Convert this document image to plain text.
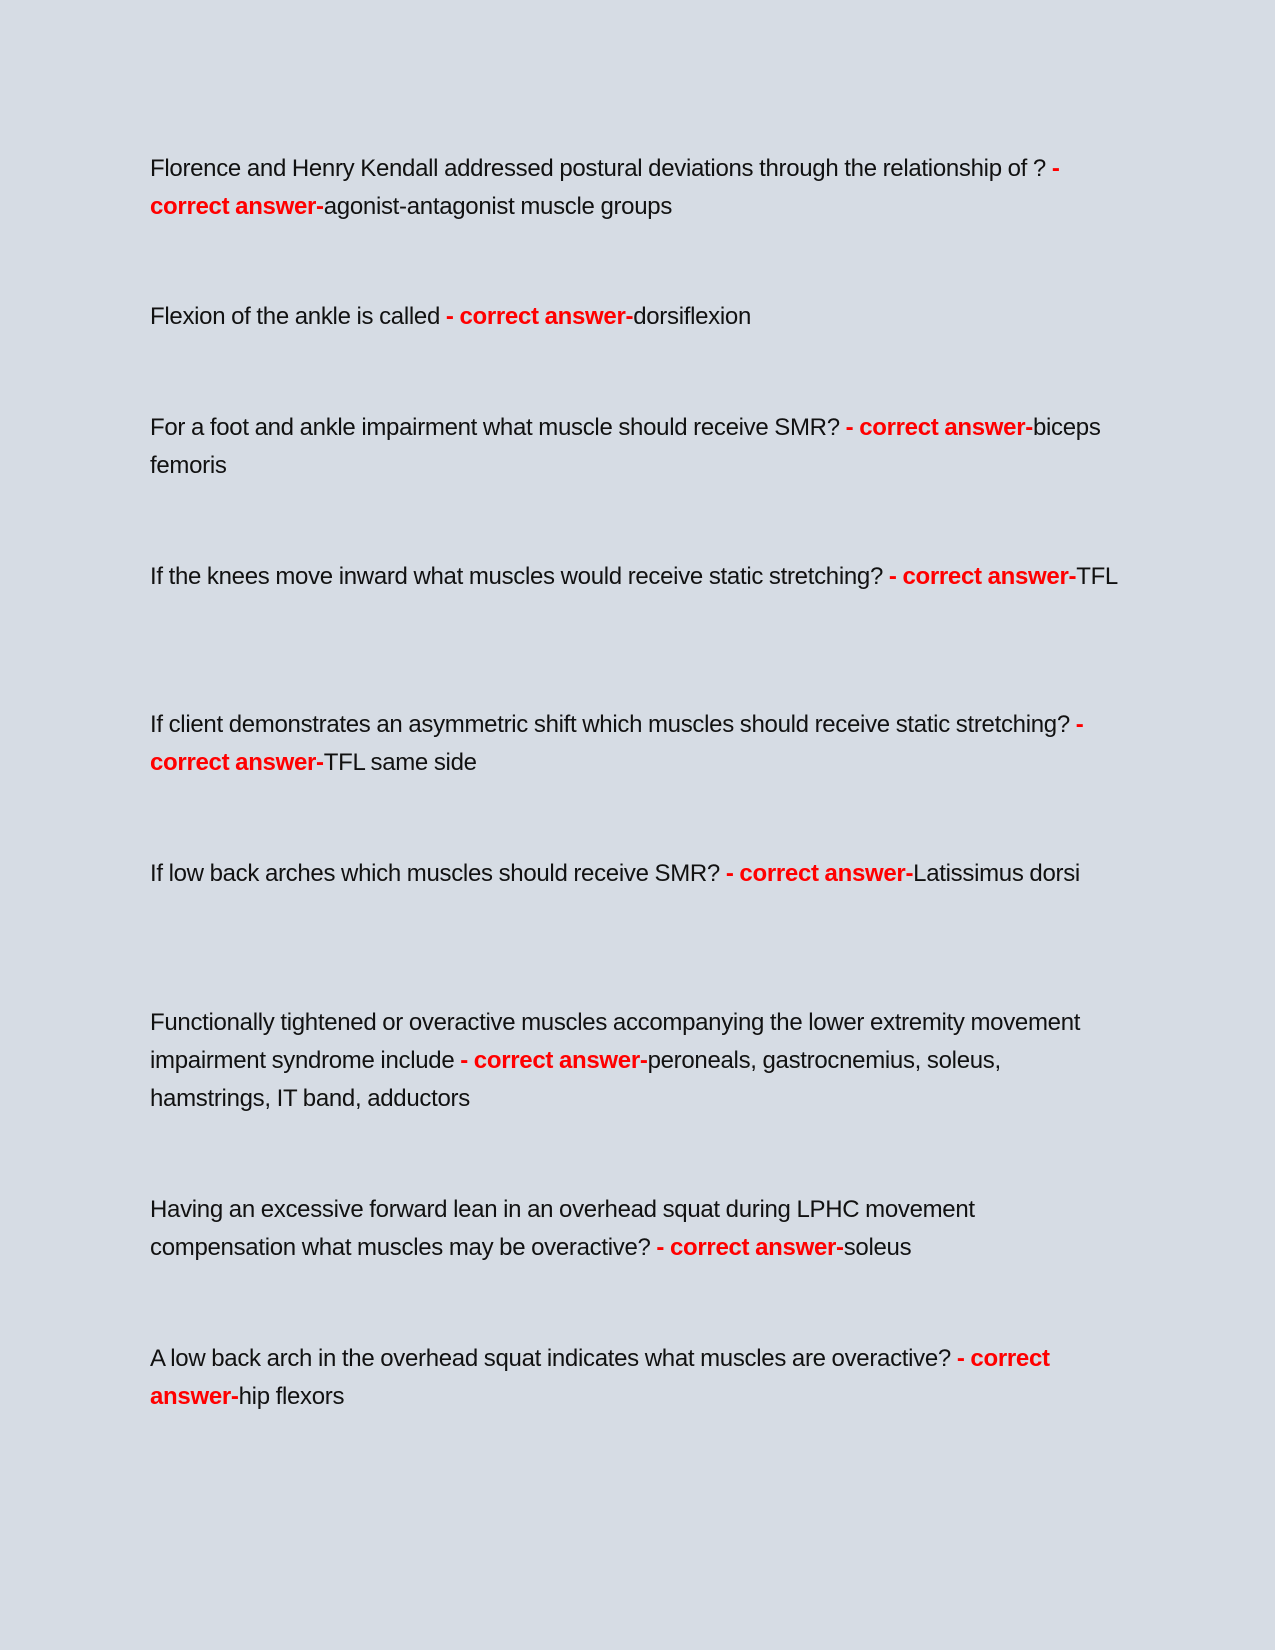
Florence and Henry Kendall addressed postural deviations through the relationship of ? - correct answer-agonist-antagonist muscle groups

Flexion of the ankle is called - correct answer-dorsiflexion

For a foot and ankle impairment what muscle should receive SMR? - correct answer-biceps femoris

If the knees move inward what muscles would receive static stretching? - correct answer-TFL

If client demonstrates an asymmetric shift which muscles should receive static stretching? - correct answer-TFL same side

If low back arches which muscles should receive SMR? - correct answer-Latissimus dorsi

Functionally tightened or overactive muscles accompanying the lower extremity movement impairment syndrome include - correct answer-peroneals, gastrocnemius, soleus, hamstrings, IT band, adductors

Having an excessive forward lean in an overhead squat during LPHC movement compensation what muscles may be overactive? - correct answer-soleus

A low back arch in the overhead squat indicates what muscles are overactive? - correct answer-hip flexors
